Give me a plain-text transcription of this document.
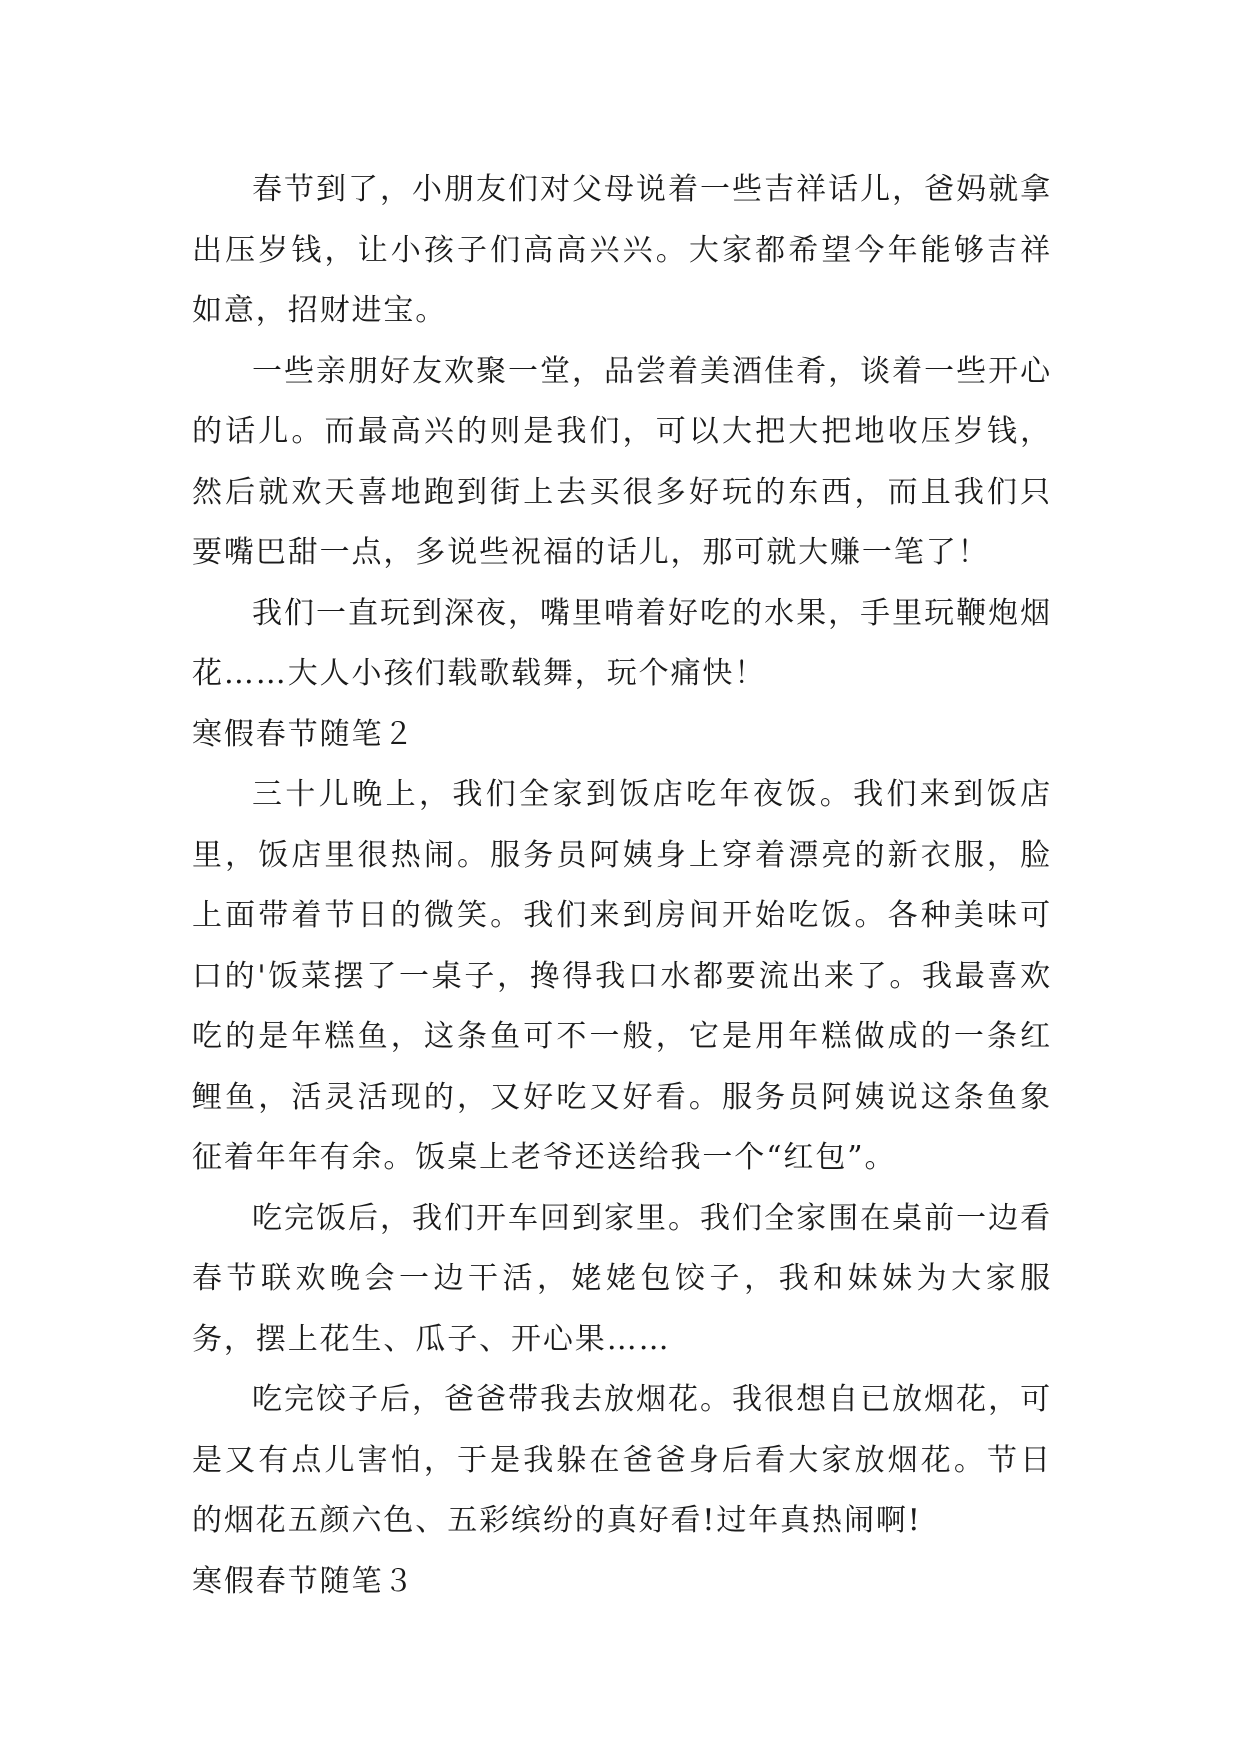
春节到了，小朋友们对父母说着一些吉祥话儿，爸妈就拿出压岁钱，让小孩子们高高兴兴。大家都希望今年能够吉祥如意，招财进宝。

一些亲朋好友欢聚一堂，品尝着美酒佳肴，谈着一些开心的话儿。而最高兴的则是我们，可以大把大把地收压岁钱，然后就欢天喜地跑到街上去买很多好玩的东西，而且我们只要嘴巴甜一点，多说些祝福的话儿，那可就大赚一笔了！

我们一直玩到深夜，嘴里啃着好吃的水果，手里玩鞭炮烟花……大人小孩们载歌载舞，玩个痛快！

寒假春节随笔２

三十儿晚上，我们全家到饭店吃年夜饭。我们来到饭店里，饭店里很热闹。服务员阿姨身上穿着漂亮的新衣服，脸上面带着节日的微笑。我们来到房间开始吃饭。各种美味可口的'饭菜摆了一桌子，搀得我口水都要流出来了。我最喜欢吃的是年糕鱼，这条鱼可不一般，它是用年糕做成的一条红鲤鱼，活灵活现的，又好吃又好看。服务员阿姨说这条鱼象征着年年有余。饭桌上老爷还送给我一个“红包”。

吃完饭后，我们开车回到家里。我们全家围在桌前一边看春节联欢晚会一边干活，姥姥包饺子，我和妹妹为大家服务，摆上花生、瓜子、开心果……

吃完饺子后，爸爸带我去放烟花。我很想自已放烟花，可是又有点儿害怕，于是我躲在爸爸身后看大家放烟花。节日的烟花五颜六色、五彩缤纷的真好看!过年真热闹啊!

寒假春节随笔３
